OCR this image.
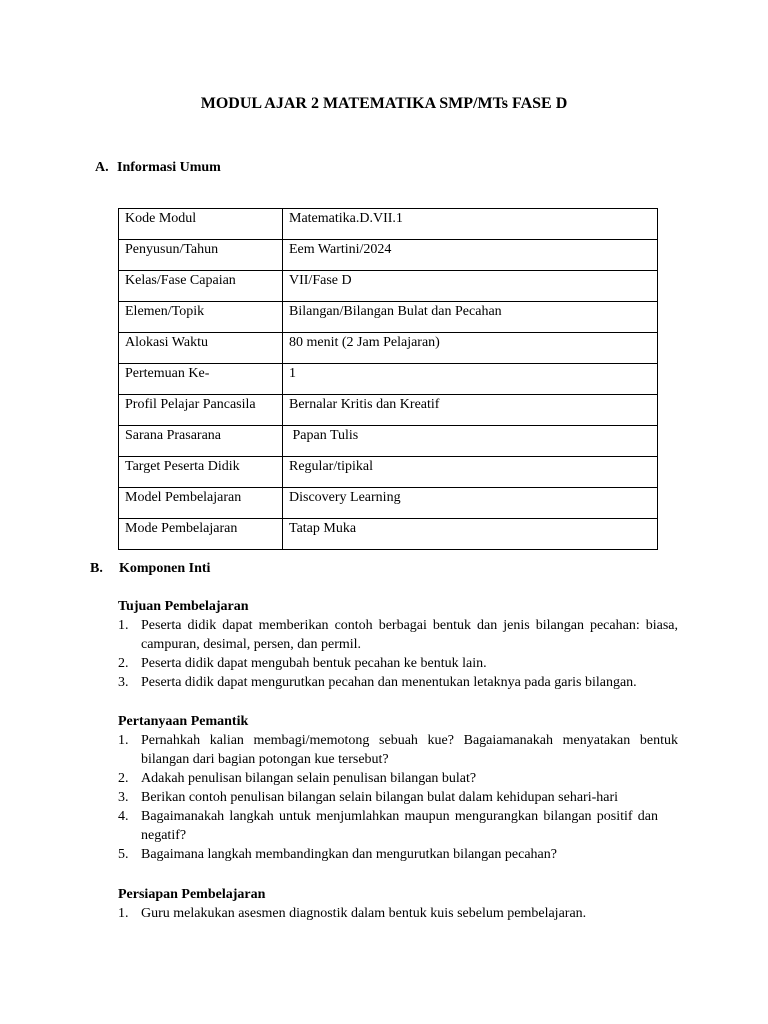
MODUL AJAR 2 MATEMATIKA SMP/MTs FASE D
A. Informasi Umum
Kode Modul	Matematika.D.VII.1
Penyusun/Tahun	Eem Wartini/2024
Kelas/Fase Capaian	VII/Fase D
Elemen/Topik	Bilangan/Bilangan Bulat dan Pecahan
Alokasi Waktu	80 menit (2 Jam Pelajaran)
Pertemuan Ke-	1
Profil Pelajar Pancasila	Bernalar Kritis dan Kreatif
Sarana Prasarana	Papan Tulis
Target Peserta Didik	Regular/tipikal
Model Pembelajaran	Discovery Learning
Mode Pembelajaran	Tatap Muka
B. Komponen Inti
Tujuan Pembelajaran
1. Peserta didik dapat memberikan contoh berbagai bentuk dan jenis bilangan pecahan: biasa, campuran, desimal, persen, dan permil.
2. Peserta didik dapat mengubah bentuk pecahan ke bentuk lain.
3. Peserta didik dapat mengurutkan pecahan dan menentukan letaknya pada garis bilangan.
Pertanyaan Pemantik
1. Pernahkah kalian membagi/memotong sebuah kue? Bagaiamanakah menyatakan bentuk bilangan dari bagian potongan kue tersebut?
2. Adakah penulisan bilangan selain penulisan bilangan bulat?
3. Berikan contoh penulisan bilangan selain bilangan bulat dalam kehidupan sehari-hari
4. Bagaimanakah langkah untuk menjumlahkan maupun mengurangkan bilangan positif dan negatif?
5. Bagaimana langkah membandingkan dan mengurutkan bilangan pecahan?
Persiapan Pembelajaran
1. Guru melakukan asesmen diagnostik dalam bentuk kuis sebelum pembelajaran.
